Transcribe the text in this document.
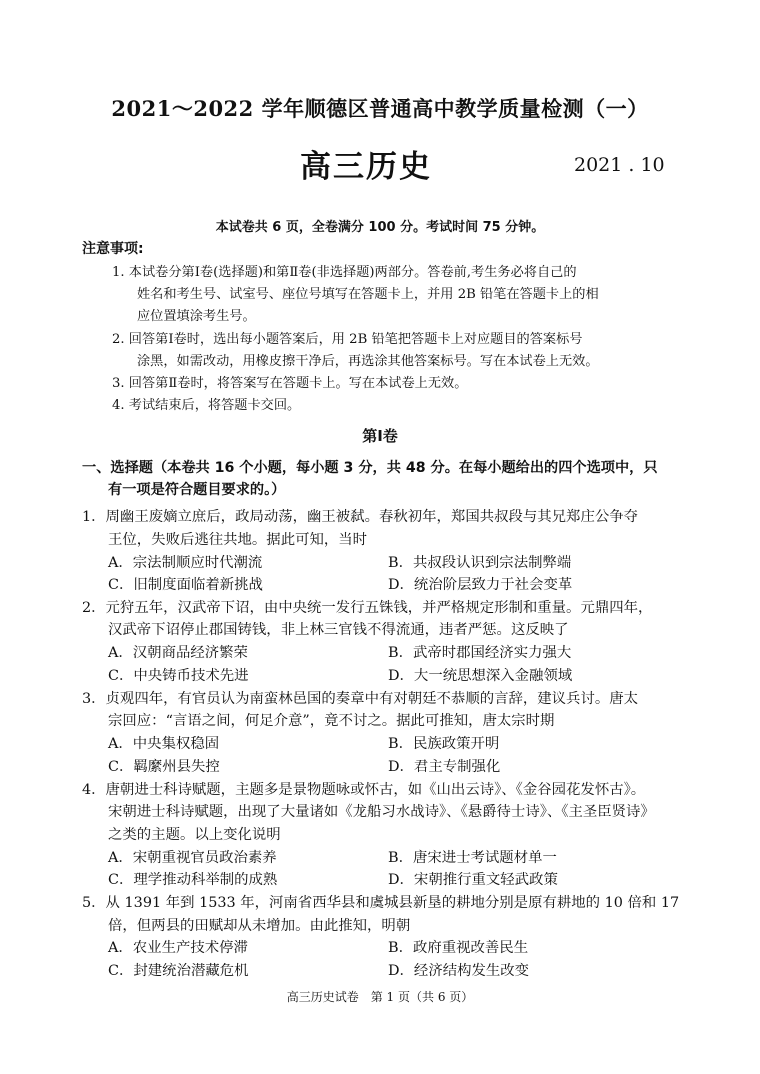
2021～2022 学年顺德区普通高中教学质量检测（一）
高三历史	2021 . 10
本试卷共 6 页，全卷满分 100 分。考试时间 75 分钟。
注意事项:
1. 本试卷分第Ⅰ卷(选择题)和第Ⅱ卷(非选择题)两部分。答卷前,考生务必将自己的
姓名和考生号、试室号、座位号填写在答题卡上，并用 2B 铅笔在答题卡上的相
应位置填涂考生号。
2. 回答第Ⅰ卷时，选出每小题答案后，用 2B 铅笔把答题卡上对应题目的答案标号
涂黑，如需改动，用橡皮擦干净后，再选涂其他答案标号。写在本试卷上无效。
3. 回答第Ⅱ卷时，将答案写在答题卡上。写在本试卷上无效。
4. 考试结束后，将答题卡交回。
第Ⅰ卷
一、选择题（本卷共 16 个小题，每小题 3 分，共 48 分。在每小题给出的四个选项中，只
有一项是符合题目要求的。）
1．周幽王废嫡立庶后，政局动荡，幽王被弑。春秋初年，郑国共叔段与其兄郑庄公争夺
王位，失败后逃往共地。据此可知，当时
A．宗法制顺应时代潮流	B．共叔段认识到宗法制弊端
C．旧制度面临着新挑战	D．统治阶层致力于社会变革
2．元狩五年，汉武帝下诏，由中央统一发行五铢钱，并严格规定形制和重量。元鼎四年，
汉武帝下诏停止郡国铸钱，非上林三官钱不得流通，违者严惩。这反映了
A．汉朝商品经济繁荣	B．武帝时郡国经济实力强大
C．中央铸币技术先进	D．大一统思想深入金融领域
3．贞观四年，有官员认为南蛮林邑国的奏章中有对朝廷不恭顺的言辞，建议兵讨。唐太
宗回应：“言语之间，何足介意”，竟不讨之。据此可推知，唐太宗时期
A．中央集权稳固	B．民族政策开明
C．羁縻州县失控	D．君主专制强化
4．唐朝进士科诗赋题，主题多是景物题咏或怀古，如《山出云诗》、《金谷园花发怀古》。
宋朝进士科诗赋题，出现了大量诸如《龙船习水战诗》、《悬爵待士诗》、《主圣臣贤诗》
之类的主题。以上变化说明
A．宋朝重视官员政治素养	B．唐宋进士考试题材单一
C．理学推动科举制的成熟	D．宋朝推行重文轻武政策
5．从 1391 年到 1533 年，河南省西华县和虞城县新垦的耕地分别是原有耕地的 10 倍和 17
倍，但两县的田赋却从未增加。由此推知，明朝
A．农业生产技术停滞	B．政府重视改善民生
C．封建统治潜藏危机	D．经济结构发生改变
高三历史试卷　第 1 页（共 6 页）
